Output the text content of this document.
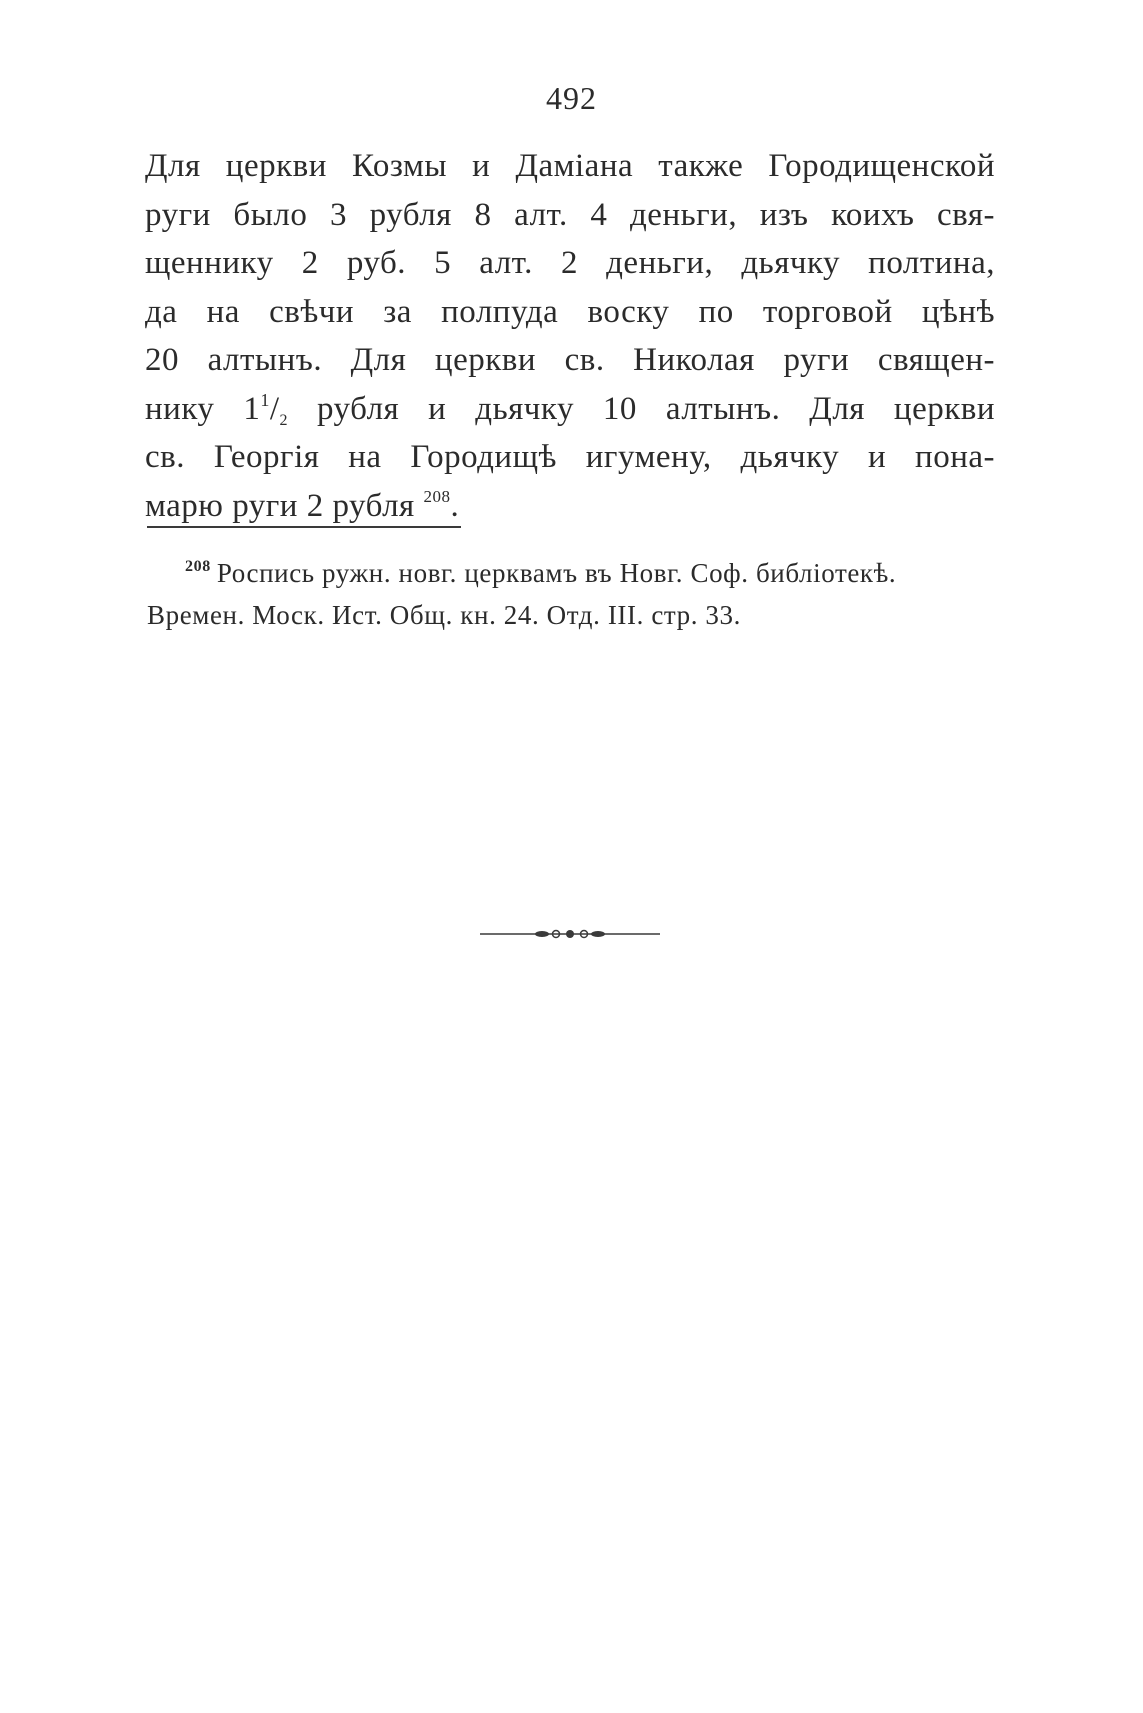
492
Для церкви Козмы и Даміана также Городищенской
руги было 3 рубля 8 алт. 4 деньги, изъ коихъ свя-
щеннику 2 руб. 5 алт. 2 деньги, дьячку полтина,
да на свѣчи за полпуда воску по торговой цѣнѣ
20 алтынъ. Для церкви св. Николая руги священ-
нику $1^1/_2$ рубля и дьячку 10 алтынъ. Для церкви
св. Георгія на Городищѣ игумену, дьячку и пона-
марю руги 2 рубля $^{208}$.
$^{208}$ Роспись ружн. новг. церквамъ въ Новг. Соф. библіотекѣ.
Времен. Моск. Ист. Общ. кн. 24. Отд. III. стр. 33.
